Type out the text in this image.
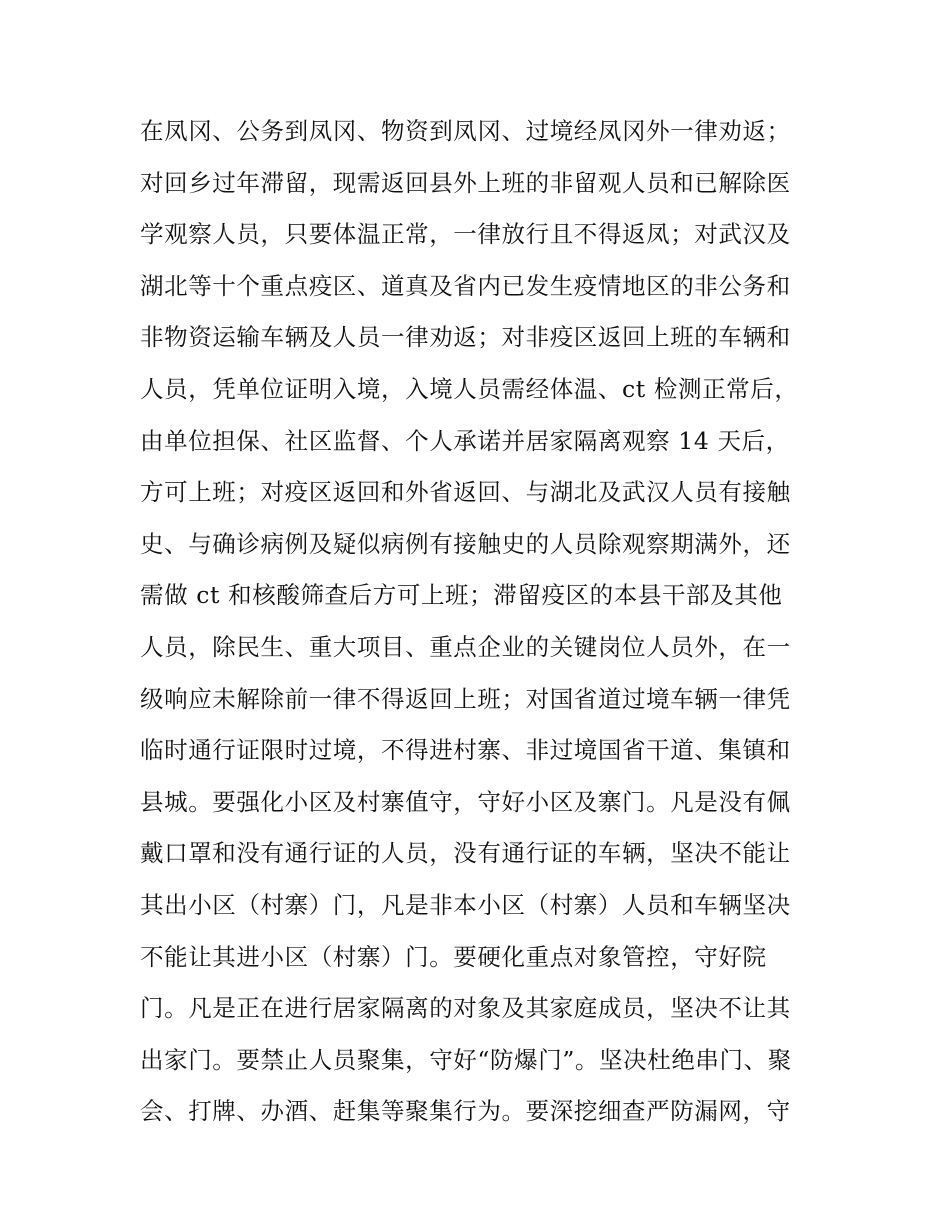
在凤冈、公务到凤冈、物资到凤冈、过境经凤冈外一律劝返；
对回乡过年滞留，现需返回县外上班的非留观人员和已解除医
学观察人员，只要体温正常，一律放行且不得返凤；对武汉及
湖北等十个重点疫区、道真及省内已发生疫情地区的非公务和
非物资运输车辆及人员一律劝返；对非疫区返回上班的车辆和
人员，凭单位证明入境，入境人员需经体温、ct 检测正常后，
由单位担保、社区监督、个人承诺并居家隔离观察 14 天后，
方可上班；对疫区返回和外省返回、与湖北及武汉人员有接触
史、与确诊病例及疑似病例有接触史的人员除观察期满外，还
需做 ct 和核酸筛查后方可上班；滞留疫区的本县干部及其他
人员，除民生、重大项目、重点企业的关键岗位人员外，在一
级响应未解除前一律不得返回上班；对国省道过境车辆一律凭
临时通行证限时过境，不得进村寨、非过境国省干道、集镇和
县城。要强化小区及村寨值守，守好小区及寨门。凡是没有佩
戴口罩和没有通行证的人员，没有通行证的车辆，坚决不能让
其出小区（村寨）门，凡是非本小区（村寨）人员和车辆坚决
不能让其进小区（村寨）门。要硬化重点对象管控，守好院
门。凡是正在进行居家隔离的对象及其家庭成员，坚决不让其
出家门。要禁止人员聚集，守好“防爆门”。坚决杜绝串门、聚
会、打牌、办酒、赶集等聚集行为。要深挖细查严防漏网，守
